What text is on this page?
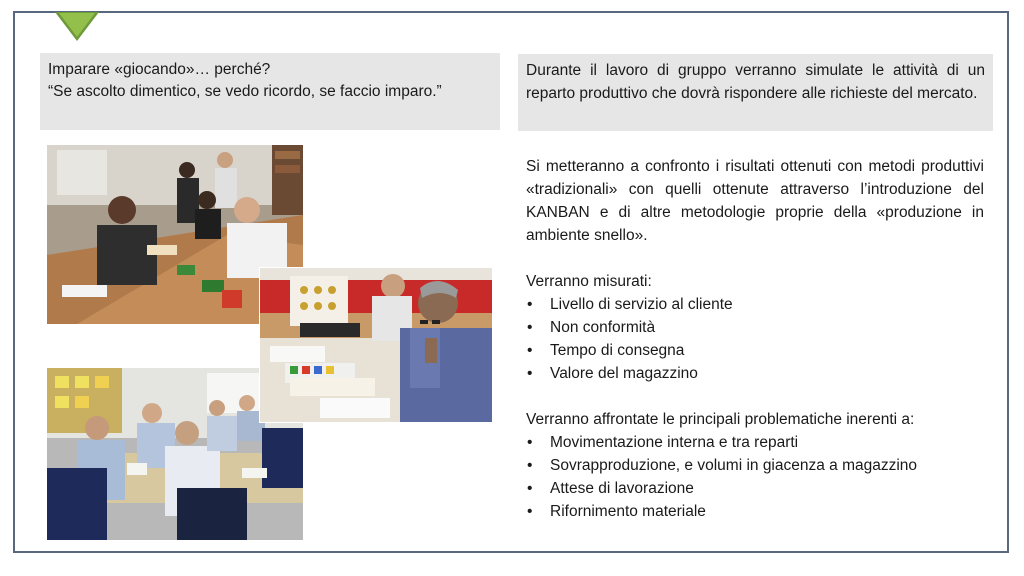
Imparare «giocando»… perché?
“Se ascolto dimentico, se vedo ricordo, se faccio imparo.”
Durante il lavoro di gruppo verranno simulate le attività di un reparto produttivo che dovrà rispondere alle richieste del mercato.

Si metteranno a confronto i risultati ottenuti con metodi produttivi «tradizionali» con quelli ottenute attraverso l’introduzione del KANBAN e di altre metodologie proprie della «produzione in ambiente snello».

Verranno misurati:
• Livello di servizio al cliente
• Non conformità
• Tempo di consegna
• Valore del magazzino
Verranno affrontate le principali problematiche inerenti a:
• Movimentazione interna e tra reparti
• Sovrapproduzione, e volumi in giacenza a magazzino
• Attese di lavorazione
• Rifornimento materiale
